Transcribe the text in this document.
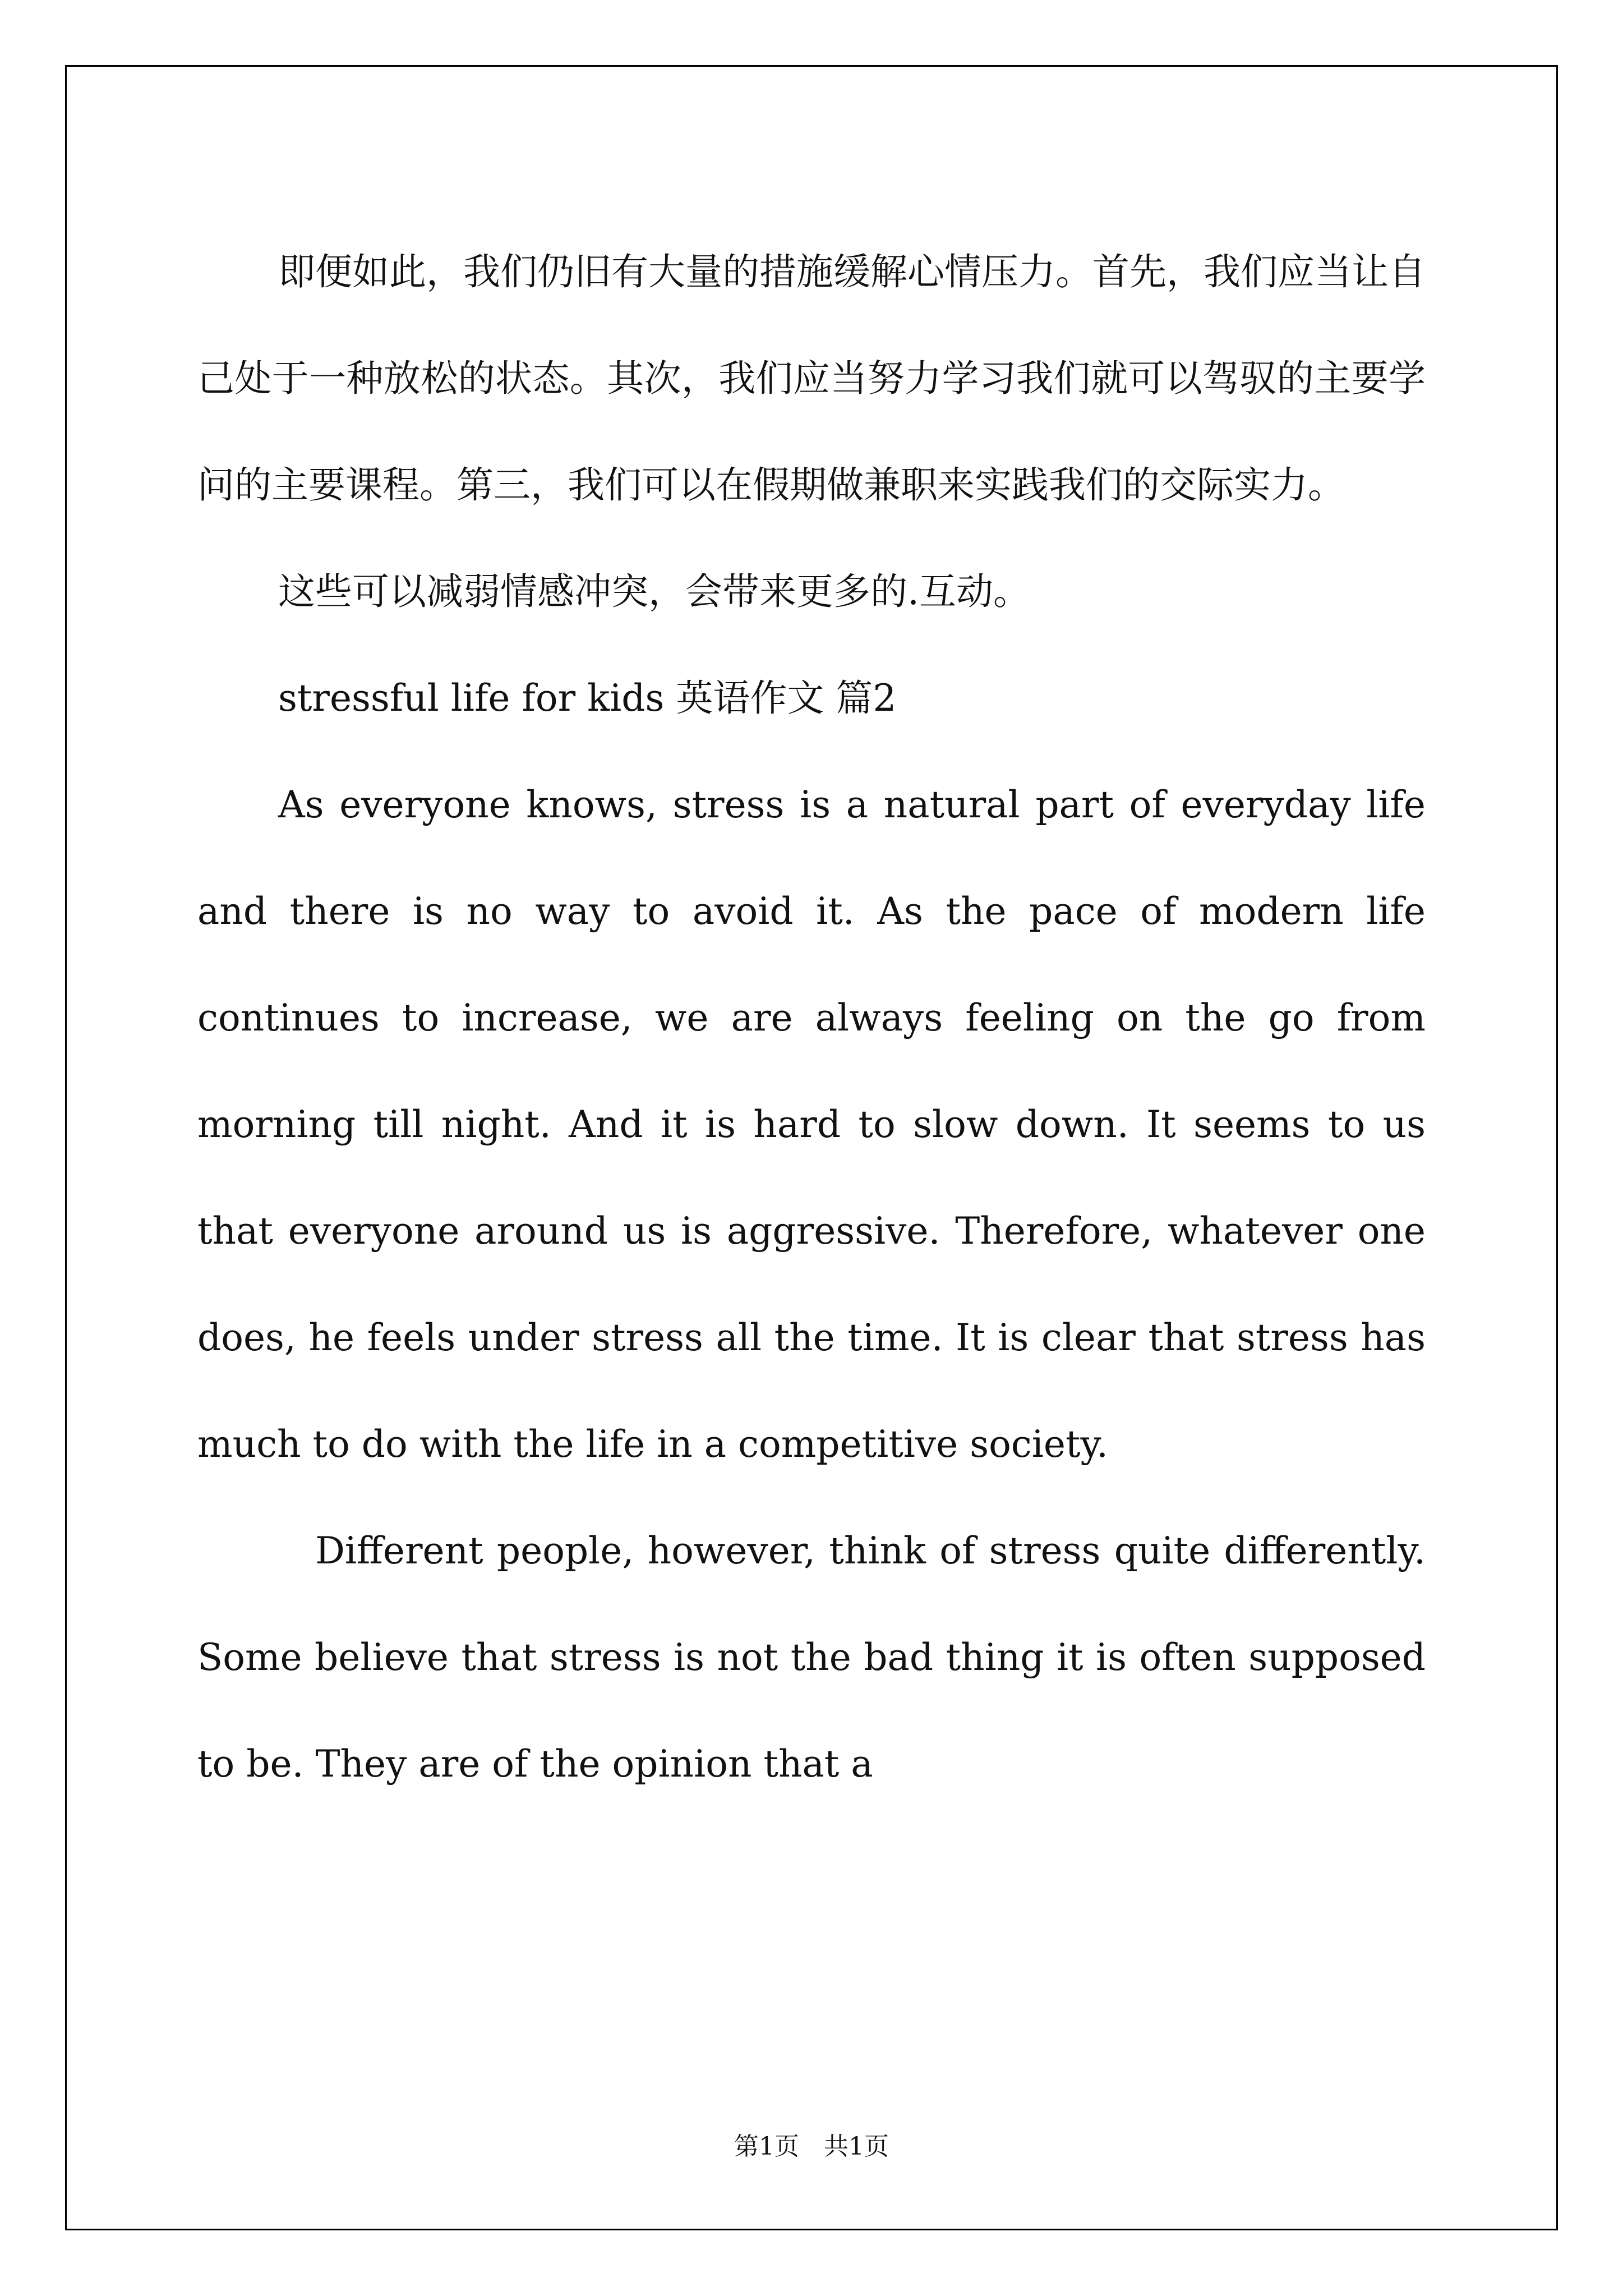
即便如此，我们仍旧有大量的措施缓解心情压力。首先，我们应当让自己处于一种放松的状态。其次，我们应当努力学习我们就可以驾驭的主要学问的主要课程。第三，我们可以在假期做兼职来实践我们的交际实力。

这些可以减弱情感冲突，会带来更多的.互动。

stressful life for kids 英语作文 篇2

As everyone knows, stress is a natural part of everyday life and there is no way to avoid it. As the pace of modern life continues to increase, we are always feeling on the go from morning till night. And it is hard to slow down. It seems to us that everyone around us is aggressive. Therefore, whatever one does, he feels under stress all the time. It is clear that stress has much to do with the life in a competitive society.

Different people, however, think of stress quite differently. Some believe that stress is not the bad thing it is often supposed to be. They are of the opinion that a

第1页　共1页
